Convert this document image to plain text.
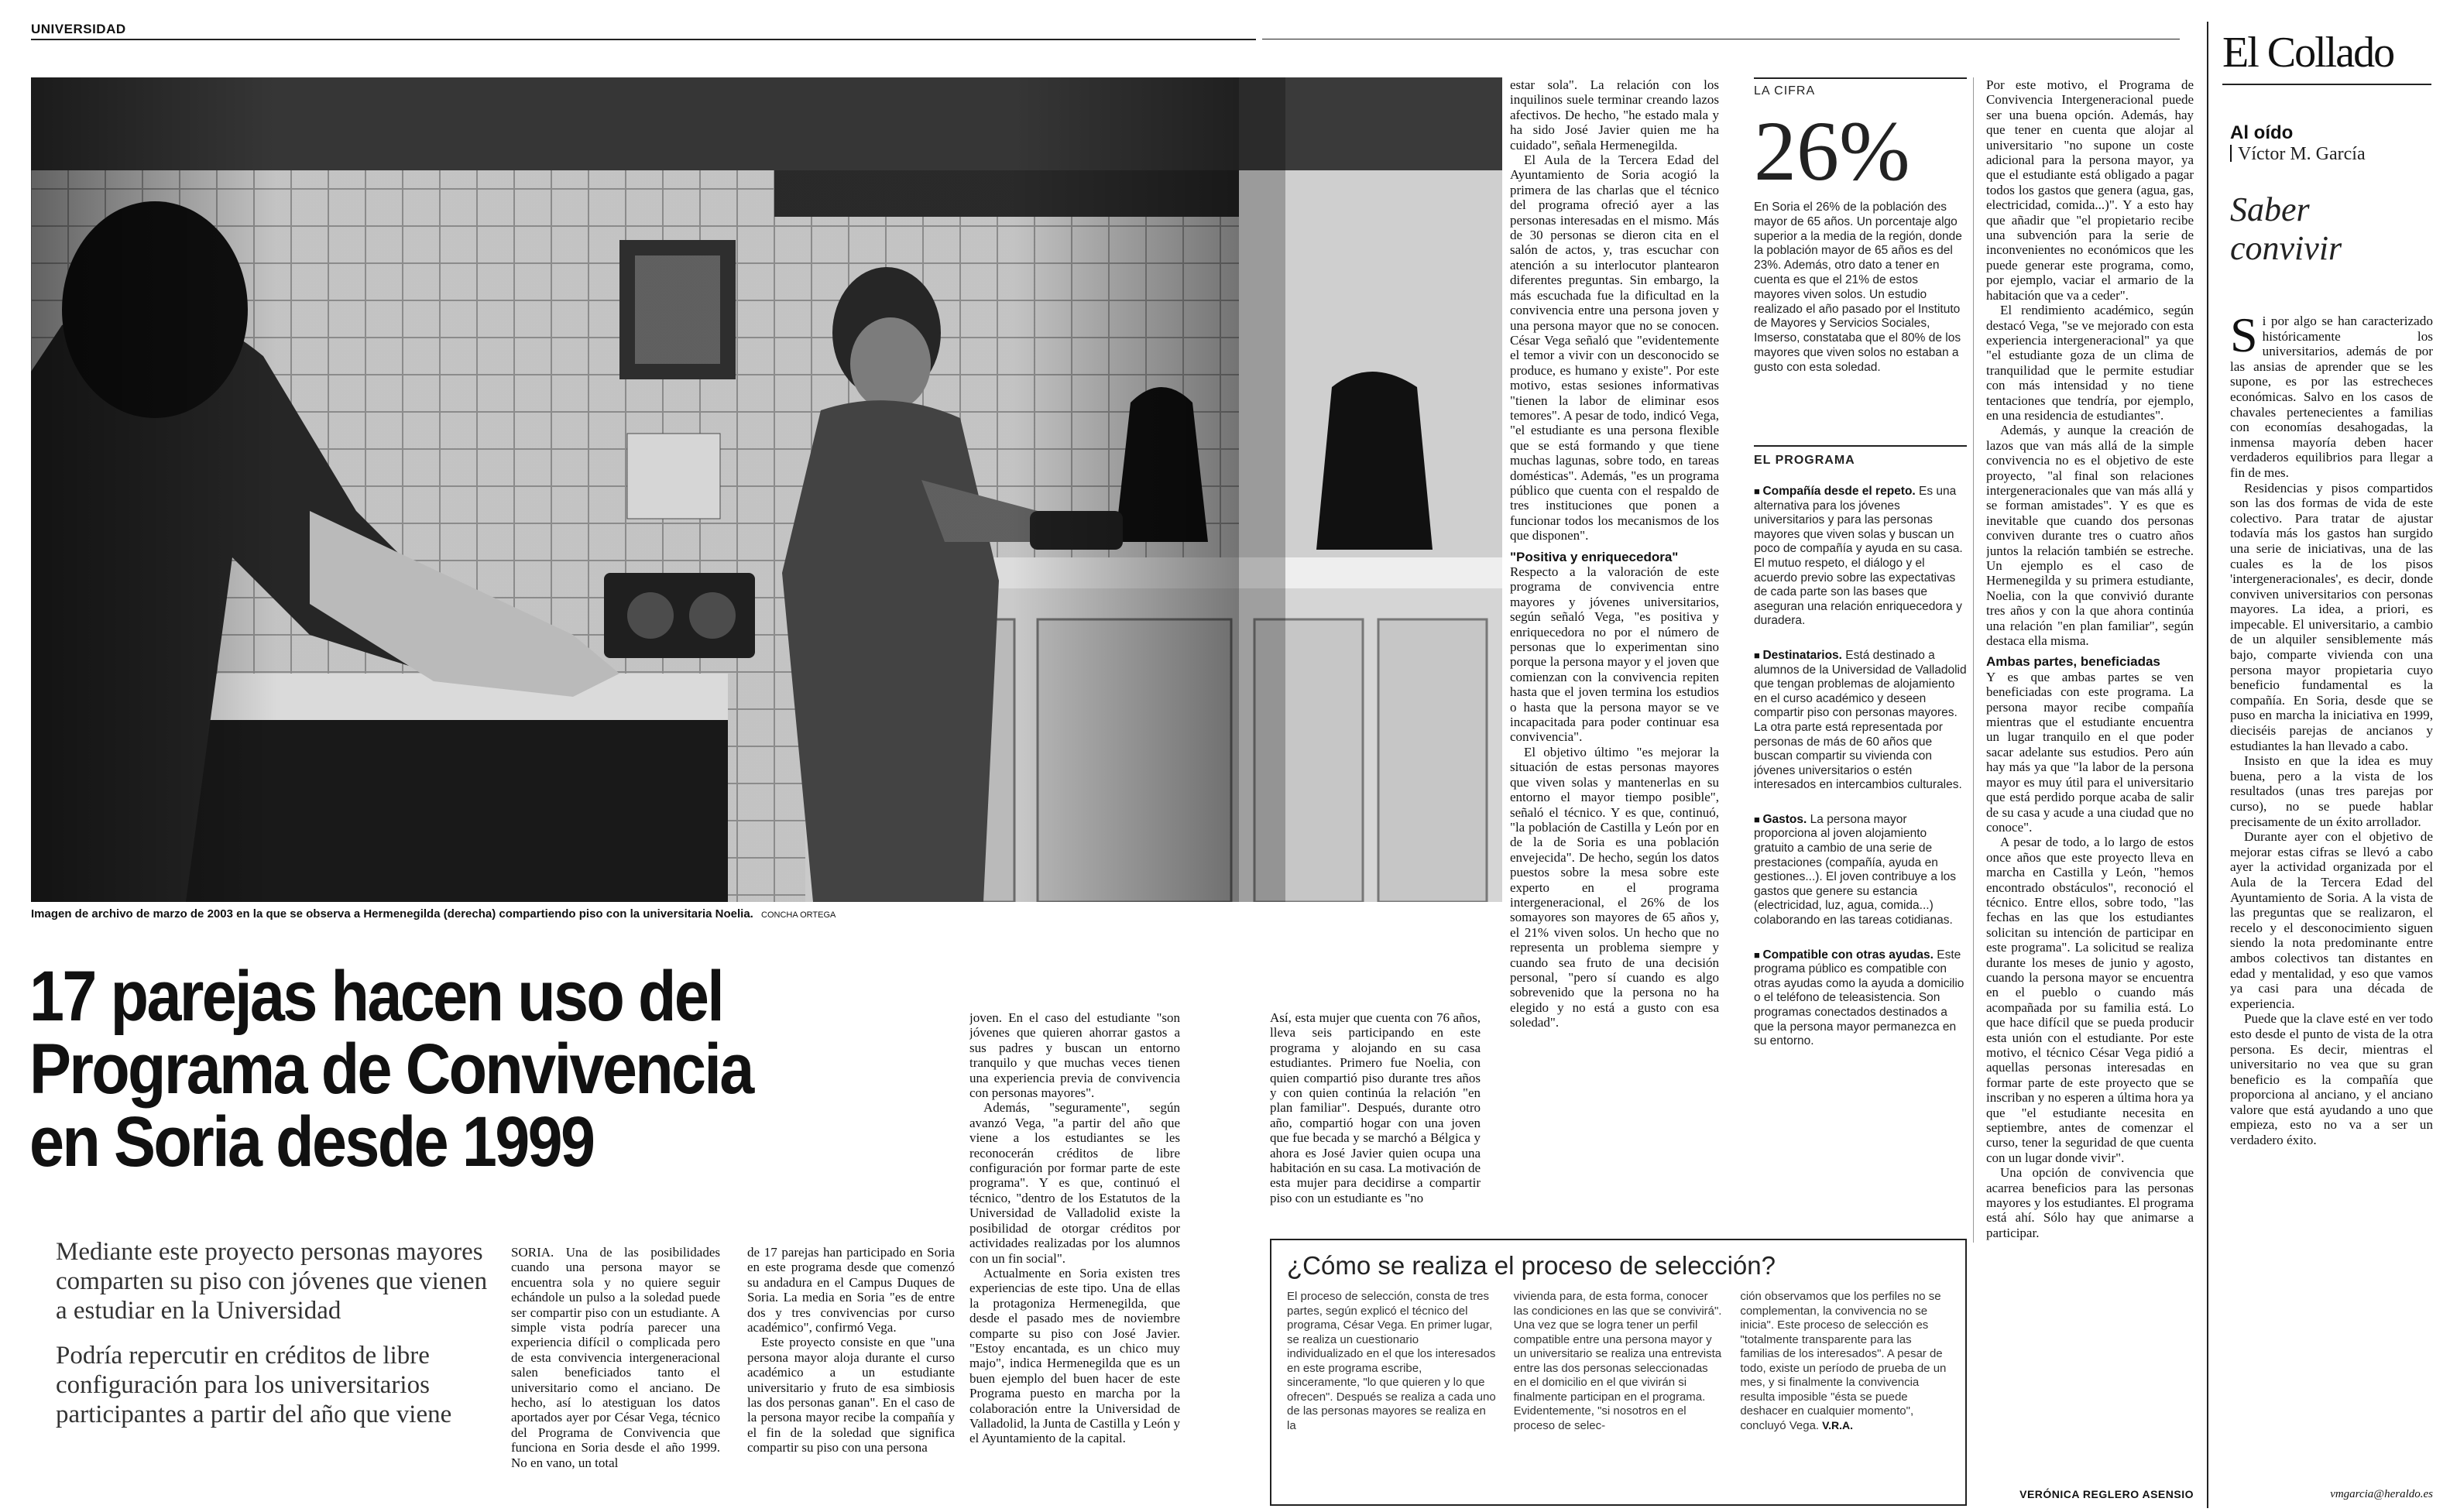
UNIVERSIDAD
Imagen de archivo de marzo de 2003 en la que se observa a Hermenegilda (derecha) compartiendo piso con la universitaria Noelia. CONCHA ORTEGA
17 parejas hacen uso del
Programa de Convivencia
en Soria desde 1999

Mediante este proyecto personas mayores comparten su piso con jóvenes que vienen a estudiar en la Universidad

Podría repercutir en créditos de libre configuración para los universitarios participantes a partir del año que viene

SORIA. Una de las posibilidades cuando una persona mayor se encuentra sola y no quiere seguir echándole un pulso a la soledad puede ser compartir piso con un estudiante. A simple vista podría parecer una experiencia difícil o complicada pero de esta convivencia intergeneracional salen beneficiados tanto el universitario como el anciano. De hecho, así lo atestiguan los datos aportados ayer por César Vega, técnico del Programa de Convivencia que funciona en Soria desde el año 1999. No en vano, un total

de 17 parejas han participado en Soria en este programa desde que comenzó su andadura en el Campus Duques de Soria. La media en Soria "es de entre dos y tres convivencias por curso académico", confirmó Vega.

Este proyecto consiste en que "una persona mayor aloja durante el curso académico a un estudiante universitario y fruto de esa simbiosis las dos personas ganan". En el caso de la persona mayor recibe la compañía y el fin de la soledad que significa compartir su piso con una persona

joven. En el caso del estudiante "son jóvenes que quieren ahorrar gastos a sus padres y buscan un entorno tranquilo y que muchas veces tienen una experiencia previa de convivencia con personas mayores".

Además, "seguramente", según avanzó Vega, "a partir del año que viene a los estudiantes se les reconocerán créditos de libre configuración por formar parte de este programa". Y es que, continuó el técnico, "dentro de los Estatutos de la Universidad de Valladolid existe la posibilidad de otorgar créditos por actividades realizadas por los alumnos con un fin social".

Actualmente en Soria existen tres experiencias de este tipo. Una de ellas la protagoniza Hermenegilda, que desde el pasado mes de noviembre comparte su piso con José Javier. "Estoy encantada, es un chico muy majo", indica Hermenegilda que es un buen ejemplo del buen hacer de este Programa puesto en marcha por la colaboración entre la Universidad de Valladolid, la Junta de Castilla y León y el Ayuntamiento de la capital.

Así, esta mujer que cuenta con 76 años, lleva seis participando en este programa y alojando en su casa estudiantes. Primero fue Noelia, con quien compartió piso durante tres años y con quien continúa la relación "en plan familiar". Después, durante otro año, compartió hogar con una joven que fue becada y se marchó a Bélgica y ahora es José Javier quien ocupa una habitación en su casa. La motivación de esta mujer para decidirse a compartir piso con un estudiante es "no

estar sola". La relación con los inquilinos suele terminar creando lazos afectivos. De hecho, "he estado mala y ha sido José Javier quien me ha cuidado", señala Hermenegilda.

El Aula de la Tercera Edad del Ayuntamiento de Soria acogió la primera de las charlas que el técnico del programa ofreció ayer a las personas interesadas en el mismo. Más de 30 personas se dieron cita en el salón de actos, y, tras escuchar con atención a su interlocutor plantearon diferentes preguntas. Sin embargo, la más escuchada fue la dificultad en la convivencia entre una persona joven y una persona mayor que no se conocen. César Vega señaló que "evidentemente el temor a vivir con un desconocido se produce, es humano y existe". Por este motivo, estas sesiones informativas "tienen la labor de eliminar esos temores". A pesar de todo, indicó Vega, "el estudiante es una persona flexible que se está formando y que tiene muchas lagunas, sobre todo, en tareas domésticas". Además, "es un programa público que cuenta con el respaldo de tres instituciones que ponen a funcionar todos los mecanismos de los que disponen".

"Positiva y enriquecedora"

Respecto a la valoración de este programa de convivencia entre mayores y jóvenes universitarios, según señaló Vega, "es positiva y enriquecedora no por el número de personas que lo experimentan sino porque la persona mayor y el joven que comienzan con la convivencia repiten hasta que el joven termina los estudios o hasta que la persona mayor se ve incapacitada para poder continuar esa convivencia".

El objetivo último "es mejorar la situación de estas personas mayores que viven solas y mantenerlas en su entorno el mayor tiempo posible", señaló el técnico. Y es que, continuó, "la población de Castilla y León por en de la de Soria es una población envejecida". De hecho, según los datos puestos sobre la mesa sobre este experto en el programa intergeneracional, el 26% de los somayores son mayores de 65 años y, el 21% viven solos. Un hecho que no representa un problema siempre y cuando sea fruto de una decisión personal, "pero sí cuando es algo sobrevenido que la persona no ha elegido y no está a gusto con esa soledad".

LA CIFRA
26%

En Soria el 26% de la población des mayor de 65 años. Un porcentaje algo superior a la media de la región, donde la población mayor de 65 años es del 23%. Además, otro dato a tener en cuenta es que el 21% de estos mayores viven solos. Un estudio realizado el año pasado por el Instituto de Mayores y Servicios Sociales, Imserso, constataba que el 80% de los mayores que viven solos no estaban a gusto con esta soledad.

EL PROGRAMA

■ Compañía desde el repeto. Es una alternativa para los jóvenes universitarios y para las personas mayores que viven solas y buscan un poco de compañía y ayuda en su casa. El mutuo respeto, el diálogo y el acuerdo previo sobre las expectativas de cada parte son las bases que aseguran una relación enriquecedora y duradera.

■ Destinatarios. Está destinado a alumnos de la Universidad de Valladolid que tengan problemas de alojamiento en el curso académico y deseen compartir piso con personas mayores. La otra parte está representada por personas de más de 60 años que buscan compartir su vivienda con jóvenes universitarios o estén interesados en intercambios culturales.

■ Gastos. La persona mayor proporciona al joven alojamiento gratuito a cambio de una serie de prestaciones (compañía, ayuda en gestiones...). El joven contribuye a los gastos que genere su estancia (electricidad, luz, agua, comida...) colaborando en las tareas cotidianas.

■ Compatible con otras ayudas. Este programa público es compatible con otras ayudas como la ayuda a domicilio o el teléfono de teleasistencia. Son programas conectados destinados a que la persona mayor permanezca en su entorno.

Por este motivo, el Programa de Convivencia Intergeneracional puede ser una buena opción. Además, hay que tener en cuenta que alojar al universitario "no supone un coste adicional para la persona mayor, ya que el estudiante está obligado a pagar todos los gastos que genera (agua, gas, electricidad, comida...)". Y a esto hay que añadir que "el propietario recibe una subvención para la serie de inconvenientes no económicos que les puede generar este programa, como, por ejemplo, vaciar el armario de la habitación que va a ceder".

El rendimiento académico, según destacó Vega, "se ve mejorado con esta experiencia intergeneracional" ya que "el estudiante goza de un clima de tranquilidad que le permite estudiar con más intensidad y no tiene tentaciones que tendría, por ejemplo, en una residencia de estudiantes".

Además, y aunque la creación de lazos que van más allá de la simple convivencia no es el objetivo de este proyecto, "al final son relaciones intergeneracionales que van más allá y se forman amistades". Y es que es inevitable que cuando dos personas conviven durante tres o cuatro años juntos la relación también se estreche. Un ejemplo es el caso de Hermenegilda y su primera estudiante, Noelia, con la que convivió durante tres años y con la que ahora continúa una relación "en plan familiar", según destaca ella misma.

Ambas partes, beneficiadas

Y es que ambas partes se ven beneficiadas con este programa. La persona mayor recibe compañía mientras que el estudiante encuentra un lugar tranquilo en el que poder sacar adelante sus estudios. Pero aún hay más ya que "la labor de la persona mayor es muy útil para el universitario que está perdido porque acaba de salir de su casa y acude a una ciudad que no conoce".

A pesar de todo, a lo largo de estos once años que este proyecto lleva en marcha en Castilla y León, "hemos encontrado obstáculos", reconoció el técnico. Entre ellos, sobre todo, "las fechas en las que los estudiantes solicitan su intención de participar en este programa". La solicitud se realiza durante los meses de junio y agosto, cuando la persona mayor se encuentra en el pueblo o cuando más acompañada por su familia está. Lo que hace difícil que se pueda producir esta unión con el estudiante. Por este motivo, el técnico César Vega pidió a aquellas personas interesadas en formar parte de este proyecto que se inscriban y no esperen a última hora ya que "el estudiante necesita en septiembre, antes de comenzar el curso, tener la seguridad de que cuenta con un lugar donde vivir".

Una opción de convivencia que acarrea beneficios para las personas mayores y los estudiantes. El programa está ahí. Sólo hay que animarse a participar.

VERÓNICA REGLERO ASENSIO
¿Cómo se realiza el proceso de selección?

El proceso de selección, consta de tres partes, según explicó el técnico del programa, César Vega. En primer lugar, se realiza un cuestionario individualizado en el que los interesados en este programa escribe, sinceramente, "lo que quieren y lo que ofrecen". Después se realiza a cada uno de las personas mayores se realiza en la

vivienda para, de esta forma, conocer las condiciones en las que se convivirá". Una vez que se logra tener un perfil compatible entre una persona mayor y un universitario se realiza una entrevista entre las dos personas seleccionadas en el domicilio en el que vivirán si finalmente participan en el programa. Evidentemente, "si nosotros en el proceso de selec-

ción observamos que los perfiles no se complementan, la convivencia no se inicia". Este proceso de selección es "totalmente transparente para las familias de los interesados". A pesar de todo, existe un período de prueba de un mes, y si finalmente la convivencia resulta imposible "ésta se puede deshacer en cualquier momento", concluyó Vega. V.R.A.
El Collado
Al oído
Víctor M. García
Saber
convivir

Si por algo se han caracterizado históricamente los universitarios, además de por las ansias de aprender que se les supone, es por las estrecheces económicas. Salvo en los casos de chavales pertenecientes a familias con economías desahogadas, la inmensa mayoría deben hacer verdaderos equilibrios para llegar a fin de mes.

Residencias y pisos compartidos son las dos formas de vida de este colectivo. Para tratar de ajustar todavía más los gastos han surgido una serie de iniciativas, una de las cuales es la de los pisos 'intergeneracionales', es decir, donde conviven universitarios con personas mayores. La idea, a priori, es impecable. El universitario, a cambio de un alquiler sensiblemente más bajo, comparte vivienda con una persona mayor propietaria cuyo beneficio fundamental es la compañía. En Soria, desde que se puso en marcha la iniciativa en 1999, dieciséis parejas de ancianos y estudiantes la han llevado a cabo.

Insisto en que la idea es muy buena, pero a la vista de los resultados (unas tres parejas por curso), no se puede hablar precisamente de un éxito arrollador.

Durante ayer con el objetivo de mejorar estas cifras se llevó a cabo ayer la actividad organizada por el Aula de la Tercera Edad del Ayuntamiento de Soria. A la vista de las preguntas que se realizaron, el recelo y el desconocimiento siguen siendo la nota predominante entre ambos colectivos tan distantes en edad y mentalidad, y eso que vamos ya casi para una década de experiencia.

Puede que la clave esté en ver todo esto desde el punto de vista de la otra persona. Es decir, mientras el universitario no vea que su gran beneficio es la compañía que proporciona al anciano, y el anciano valore que está ayudando a uno que empieza, esto no va a ser un verdadero éxito.

vmgarcia@heraldo.es
